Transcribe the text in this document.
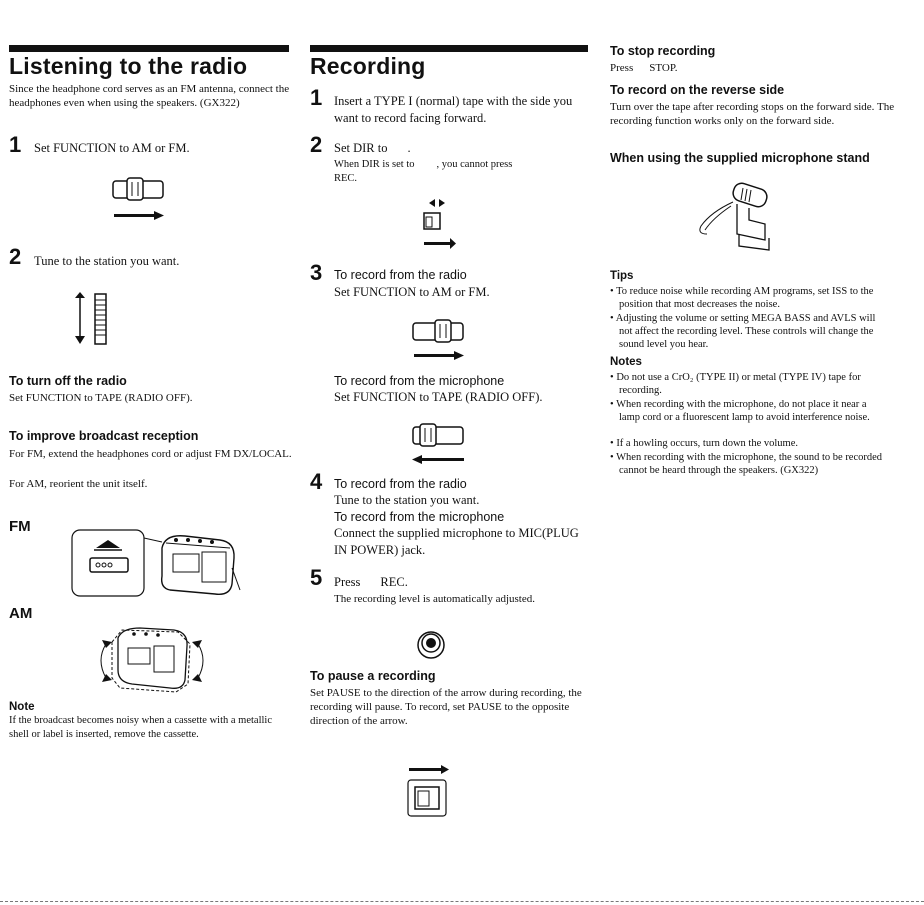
Listening to the radio
Since the headphone cord serves as an FM antenna, connect the headphones even when using the speakers. (GX322)
1 Set FUNCTION to AM or FM.
2 Tune to the station you want.
To turn off the radio
Set FUNCTION to TAPE (RADIO OFF).
To improve broadcast reception
For FM, extend the headphones cord or adjust FM DX/LOCAL.
For AM, reorient the unit itself.
FM
AM
Note
If the broadcast becomes noisy when a cassette with a metallic shell or label is inserted, remove the cassette.
Recording
1 Insert a TYPE I (normal) tape with the side you want to record facing forward.
2 Set DIR to .
When DIR is set to , you cannot press
REC.
3 To record from the radio
Set FUNCTION to AM or FM.
To record from the microphone
Set FUNCTION to TAPE (RADIO OFF).
4 To record from the radio
Tune to the station you want.
To record from the microphone
Connect the supplied microphone to MIC(PLUG IN POWER) jack.
5 Press REC.
The recording level is automatically adjusted.
To pause a recording
Set PAUSE to the direction of the arrow during recording, the recording will pause. To record, set PAUSE to the opposite direction of the arrow.
To stop recording
Press STOP.
To record on the reverse side
Turn over the tape after recording stops on the forward side. The recording function works only on the forward side.
When using the supplied microphone stand
Tips
• To reduce noise while recording AM programs, set ISS to the position that most decreases the noise.
• Adjusting the volume or setting MEGA BASS and AVLS will not affect the recording level. These controls will change the sound level you hear.
Notes
• Do not use a CrO₂ (TYPE II) or metal (TYPE IV) tape for recording.
• When recording with the microphone, do not place it near a lamp cord or a fluorescent lamp to avoid interference noise.
• If a howling occurs, turn down the volume.
• When recording with the microphone, the sound to be recorded cannot be heard through the speakers. (GX322)
